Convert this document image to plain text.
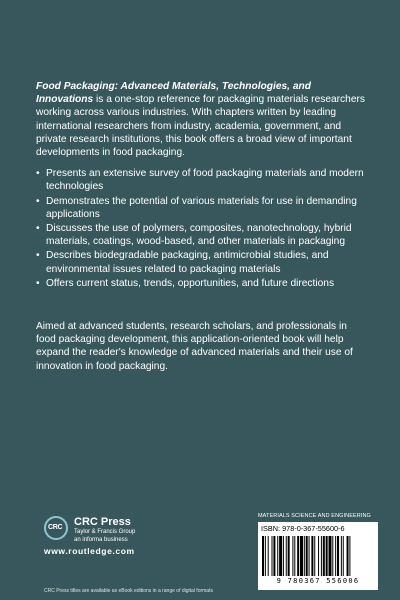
Food Packaging: Advanced Materials, Technologies, and Innovations is a one-stop reference for packaging materials researchers working across various industries. With chapters written by leading international researchers from industry, academia, government, and private research institutions, this book offers a broad view of important developments in food packaging.

• Presents an extensive survey of food packaging materials and modern technologies
• Demonstrates the potential of various materials for use in demanding applications
• Discusses the use of polymers, composites, nanotechnology, hybrid materials, coatings, wood-based, and other materials in packaging
• Describes biodegradable packaging, antimicrobial studies, and environmental issues related to packaging materials
• Offers current status, trends, opportunities, and future directions

Aimed at advanced students, research scholars, and professionals in food packaging development, this application-oriented book will help expand the reader's knowledge of advanced materials and their use of innovation in food packaging.

CRC CRC Press
Taylor & Francis Group
an informa business
www.routledge.com
CRC Press titles are available as eBook editions in a range of digital formats
MATERIALS SCIENCE AND ENGINEERING
ISBN: 978-0-367-55600-6
9 780367 556006
